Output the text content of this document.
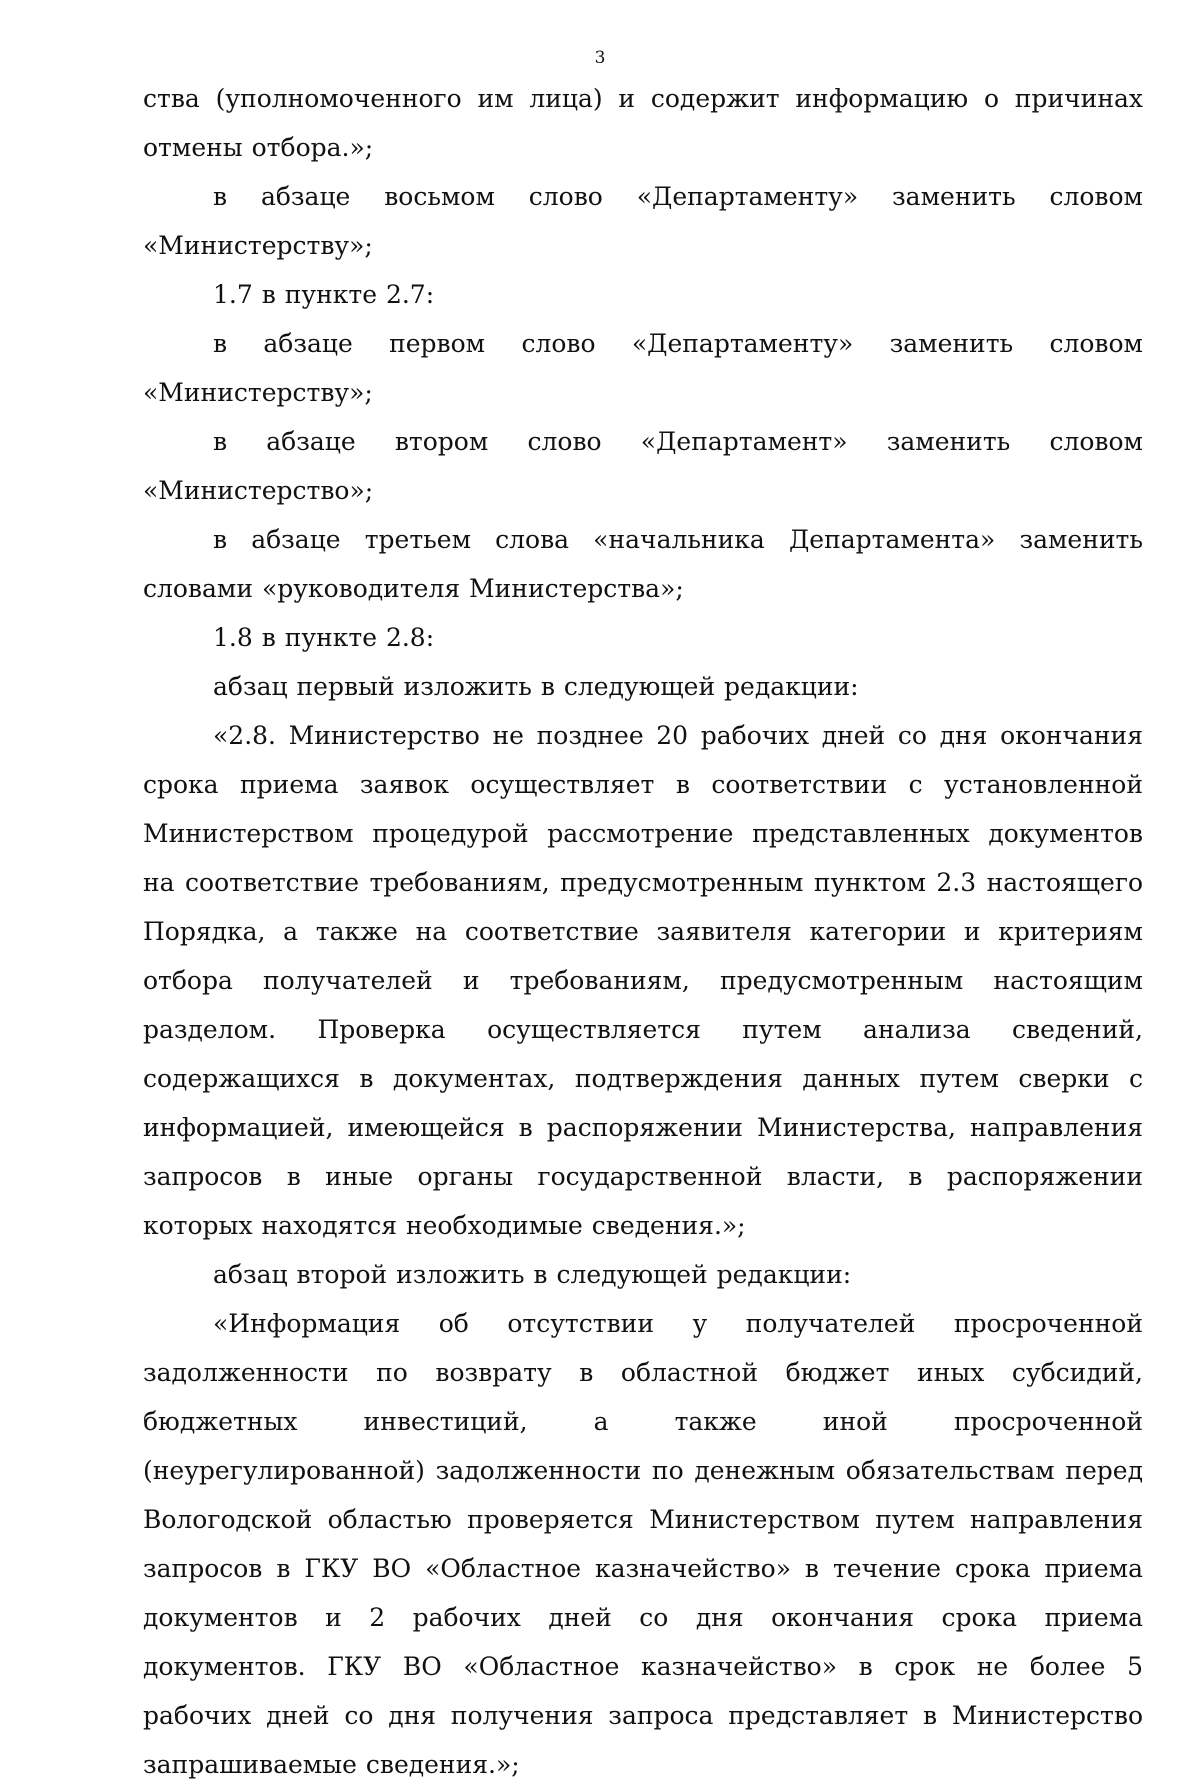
3

ства (уполномоченного им лица) и содержит информацию о причинах отмены отбора.»;

в абзаце восьмом слово «Департаменту» заменить словом «Министерству»;

1.7 в пункте 2.7:

в абзаце первом слово «Департаменту» заменить словом «Министерству»;

в абзаце втором слово «Департамент» заменить словом «Министерство»;

в абзаце третьем слова «начальника Департамента» заменить словами «руководителя Министерства»;

1.8 в пункте 2.8:

абзац первый изложить в следующей редакции:

«2.8. Министерство не позднее 20 рабочих дней со дня окончания срока приема заявок осуществляет в соответствии с установленной Министерством процедурой рассмотрение представленных документов на соответствие требованиям, предусмотренным пунктом 2.3 настоящего Порядка, а также на соответствие заявителя категории и критериям отбора получателей и требованиям, предусмотренным настоящим разделом. Проверка осуществляется путем анализа сведений, содержащихся в документах, подтверждения данных путем сверки с информацией, имеющейся в распоряжении Министерства, направления запросов в иные органы государственной власти, в распоряжении которых находятся необходимые сведения.»;

абзац второй изложить в следующей редакции:

«Информация об отсутствии у получателей просроченной задолженности по возврату в областной бюджет иных субсидий, бюджетных инвестиций, а также иной просроченной (неурегулированной) задолженности по денежным обязательствам перед Вологодской областью проверяется Министерством путем направления запросов в ГКУ ВО «Областное казначейство» в течение срока приема документов и 2 рабочих дней со дня окончания срока приема документов. ГКУ ВО «Областное казначейство» в срок не более 5 рабочих дней со дня получения запроса представляет в Министерство запрашиваемые сведения.»;
